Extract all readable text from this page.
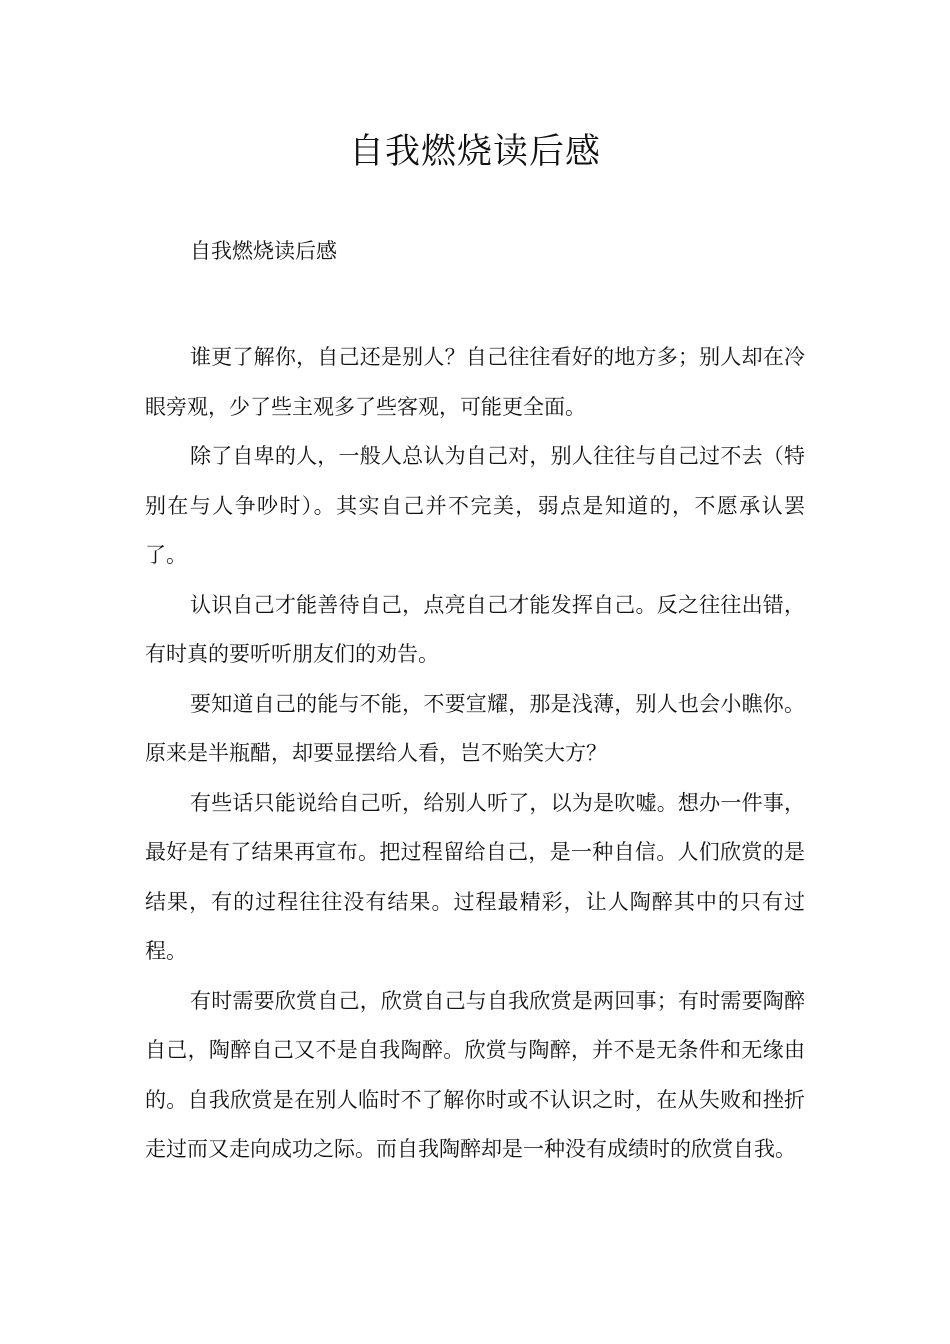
自我燃烧读后感

自我燃烧读后感

谁更了解你，自己还是别人？自己往往看好的地方多；别人却在冷眼旁观，少了些主观多了些客观，可能更全面。

除了自卑的人，一般人总认为自己对，别人往往与自己过不去（特别在与人争吵时）。其实自己并不完美，弱点是知道的，不愿承认罢了。

认识自己才能善待自己，点亮自己才能发挥自己。反之往往出错，有时真的要听听朋友们的劝告。

要知道自己的能与不能，不要宣耀，那是浅薄，别人也会小瞧你。原来是半瓶醋，却要显摆给人看，岂不贻笑大方？

有些话只能说给自己听，给别人听了，以为是吹嘘。想办一件事，最好是有了结果再宣布。把过程留给自己，是一种自信。人们欣赏的是结果，有的过程往往没有结果。过程最精彩，让人陶醉其中的只有过程。

有时需要欣赏自己，欣赏自己与自我欣赏是两回事；有时需要陶醉自己，陶醉自己又不是自我陶醉。欣赏与陶醉，并不是无条件和无缘由的。自我欣赏是在别人临时不了解你时或不认识之时，在从失败和挫折走过而又走向成功之际。而自我陶醉却是一种没有成绩时的欣赏自我。
